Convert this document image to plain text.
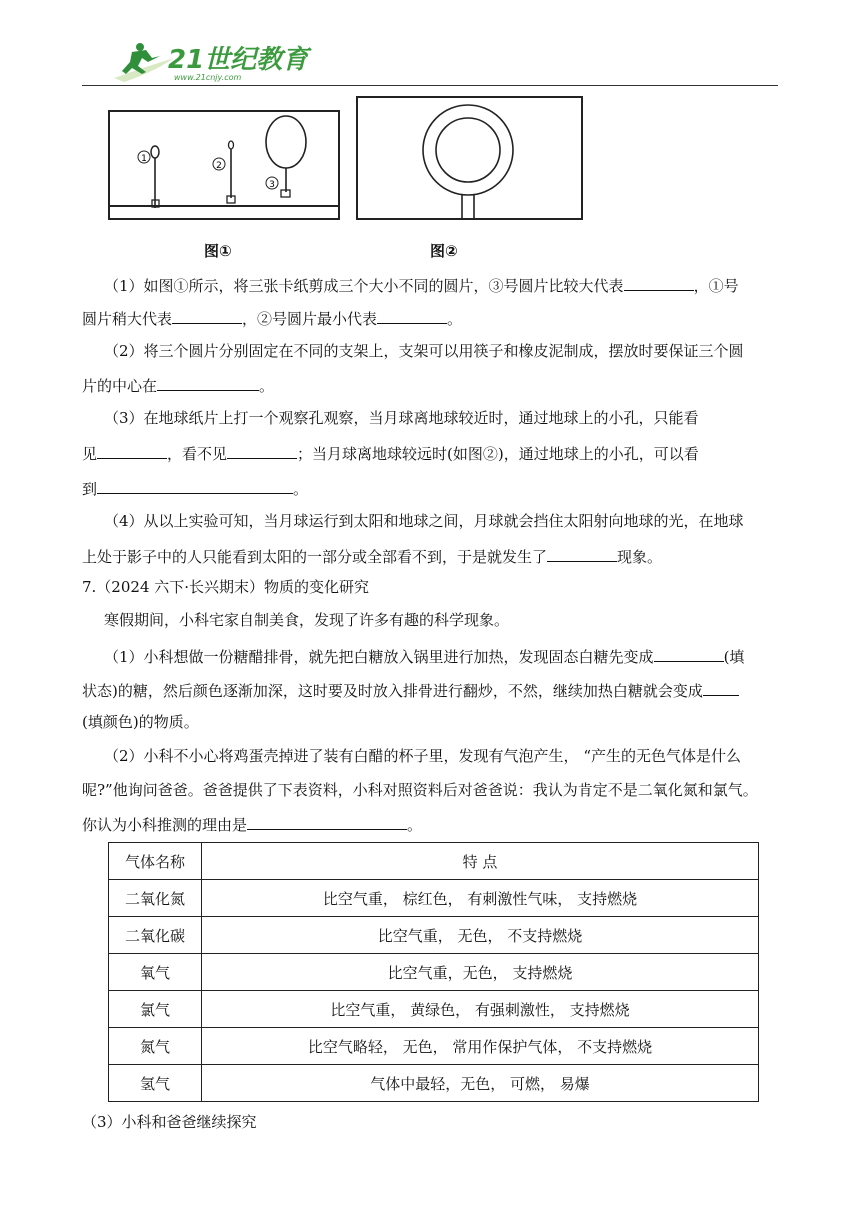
21世纪教育
www.21cnjy.com
1
2
3
图①	图②
（1）如图①所示，将三张卡纸剪成三个大小不同的圆片，③号圆片比较大代表	，①号
圆片稍大代表	，②号圆片最小代表	。
（2）将三个圆片分别固定在不同的支架上，支架可以用筷子和橡皮泥制成，摆放时要保证三个圆
片的中心在	。
（3）在地球纸片上打一个观察孔观察，当月球离地球较近时，通过地球上的小孔，只能看
见	，看不见	；当月球离地球较远时(如图②)，通过地球上的小孔，可以看
到	。
（4）从以上实验可知，当月球运行到太阳和地球之间，月球就会挡住太阳射向地球的光，在地球
上处于影子中的人只能看到太阳的一部分或全部看不到，于是就发生了	现象。
7.（2024 六下·长兴期末）物质的变化研究
寒假期间，小科宅家自制美食，发现了许多有趣的科学现象。
（1）小科想做一份糖醋排骨，就先把白糖放入锅里进行加热，发现固态白糖先变成	(填
状态)的糖，然后颜色逐渐加深，这时要及时放入排骨进行翻炒，不然，继续加热白糖就会变成
(填颜色)的物质。
（2）小科不小心将鸡蛋壳掉进了装有白醋的杯子里，发现有气泡产生， “产生的无色气体是什么
呢?”他询问爸爸。爸爸提供了下表资料，小科对照资料后对爸爸说：我认为肯定不是二氧化氮和氯气。
你认为小科推测的理由是	。
气体名称	特 点
二氧化氮	比空气重， 棕红色， 有刺激性气味， 支持燃烧
二氧化碳	比空气重， 无色， 不支持燃烧
氧气	比空气重，无色， 支持燃烧
氯气	比空气重， 黄绿色， 有强刺激性， 支持燃烧
氮气	比空气略轻， 无色， 常用作保护气体， 不支持燃烧
氢气	气体中最轻，无色， 可燃， 易爆
（3）小科和爸爸继续探究
